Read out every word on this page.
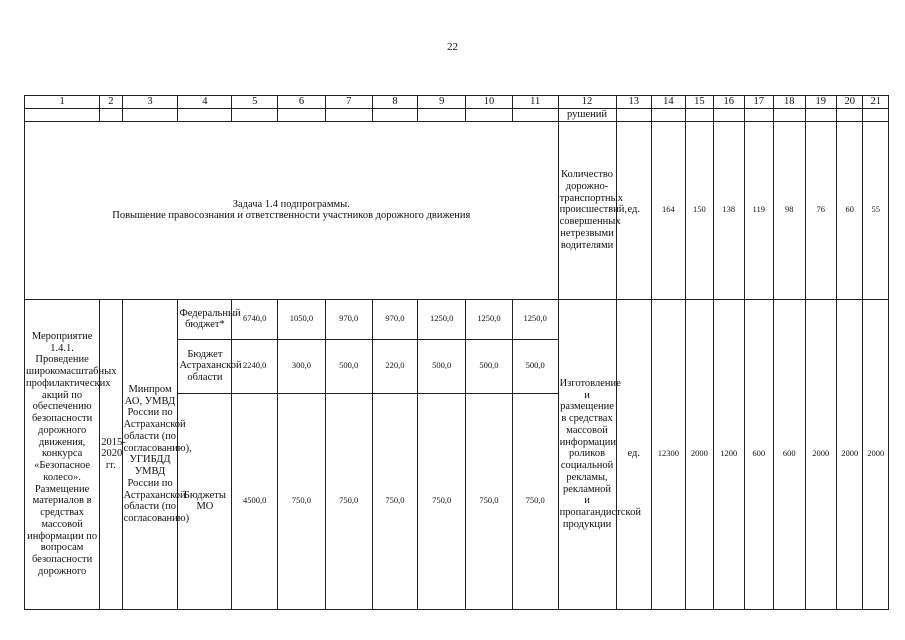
22
1	2	3	4	5	6	7	8	9	10	11	12	13	14	15	16	17	18	19	20	21
											рушений									

Задача 1.4 подпрограммы.
Повышение правосознания и ответственности участников дорожного движения											Количество дорожно-транспортных происшествий, совершенных нетрезвыми водителями	ед.	164	150	138	119	98	76	60	55
Мероприятие 1.4.1. Проведение широкомасштабных профилактических акций по обеспечению безопасности дорожного движения, конкурса «Безопасное колесо». Размещение материалов в средствах массовой информации по вопросам безопасности дорожного	2015-2020 гг.	Минпром АО, УМВД России по Астраханской области (по согласованию), УГИБДД УМВД России по Астраханской области (по согласованию)	Федеральный бюджет*	6740,0	1050,0	970,0	970,0	1250,0	1250,0	1250,0	Изготовление и размещение в средствах массовой информации роликов социальной рекламы, рекламной и пропагандистской продукции	ед.	12300	2000	1200	600	600	2000	2000	2000
			Бюджет Астраханской области	2240,0	300,0	500,0	220,0	500,0	500,0	500,0										
			Бюджеты МО	4500,0	750,0	750,0	750,0	750,0	750,0	750,0										
